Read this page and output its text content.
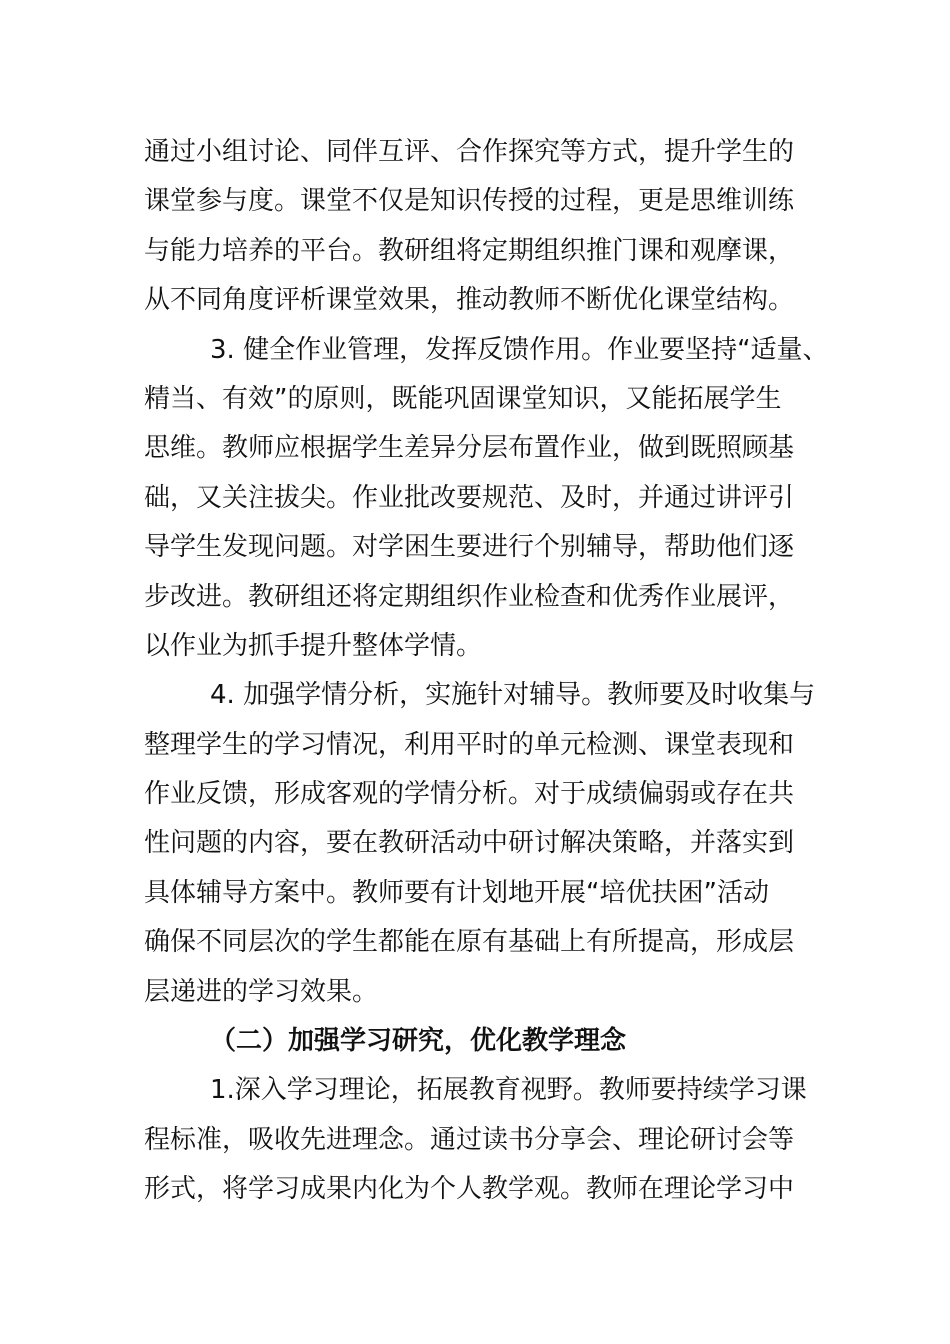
通过小组讨论、同伴互评、合作探究等方式，提升学生的
课堂参与度。课堂不仅是知识传授的过程，更是思维训练
与能力培养的平台。教研组将定期组织推门课和观摩课，
从不同角度评析课堂效果，推动教师不断优化课堂结构。
3. 健全作业管理，发挥反馈作用。作业要坚持“适量、
精当、有效”的原则，既能巩固课堂知识，又能拓展学生
思维。教师应根据学生差异分层布置作业，做到既照顾基
础，又关注拔尖。作业批改要规范、及时，并通过讲评引
导学生发现问题。对学困生要进行个别辅导，帮助他们逐
步改进。教研组还将定期组织作业检查和优秀作业展评，
以作业为抓手提升整体学情。
4. 加强学情分析，实施针对辅导。教师要及时收集与
整理学生的学习情况，利用平时的单元检测、课堂表现和
作业反馈，形成客观的学情分析。对于成绩偏弱或存在共
性问题的内容，要在教研活动中研讨解决策略，并落实到
具体辅导方案中。教师要有计划地开展“培优扶困”活动
确保不同层次的学生都能在原有基础上有所提高，形成层
层递进的学习效果。
（二）加强学习研究，优化教学理念
1.深入学习理论，拓展教育视野。教师要持续学习课
程标准，吸收先进理念。通过读书分享会、理论研讨会等
形式，将学习成果内化为个人教学观。教师在理论学习中
